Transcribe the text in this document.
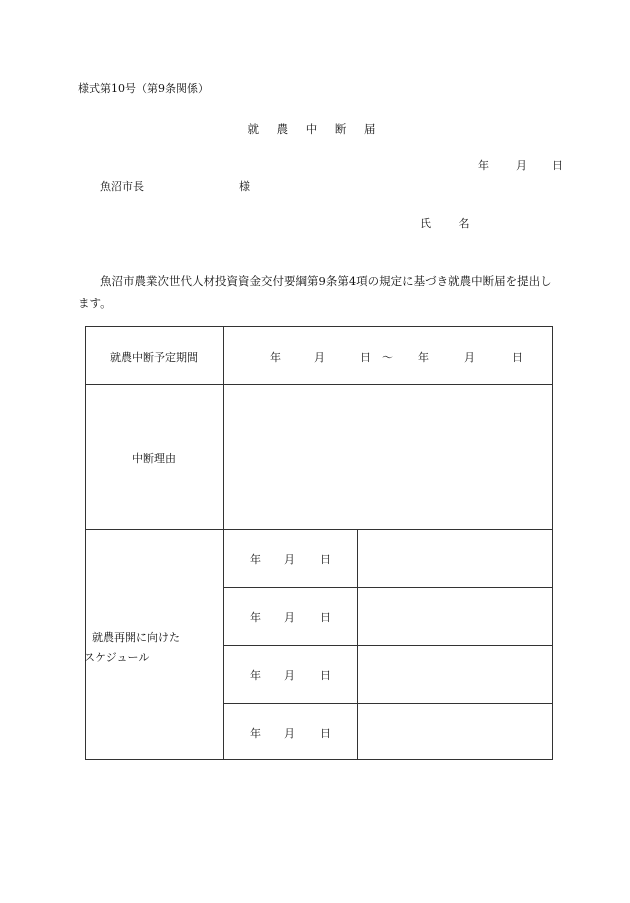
様式第10号（第9条関係）
就 農 中 断 届
年	月	日
魚沼市長	様
氏 名
魚沼市農業次世代人材投資資金交付要綱第9条第4項の規定に基づき就農中断届を提出します。
就農中断予定期間	年	月	日	～	年	月	日
中断理由
就農再開に向けた
スケジュール
年	月	日
年	月	日
年	月	日
年	月	日
